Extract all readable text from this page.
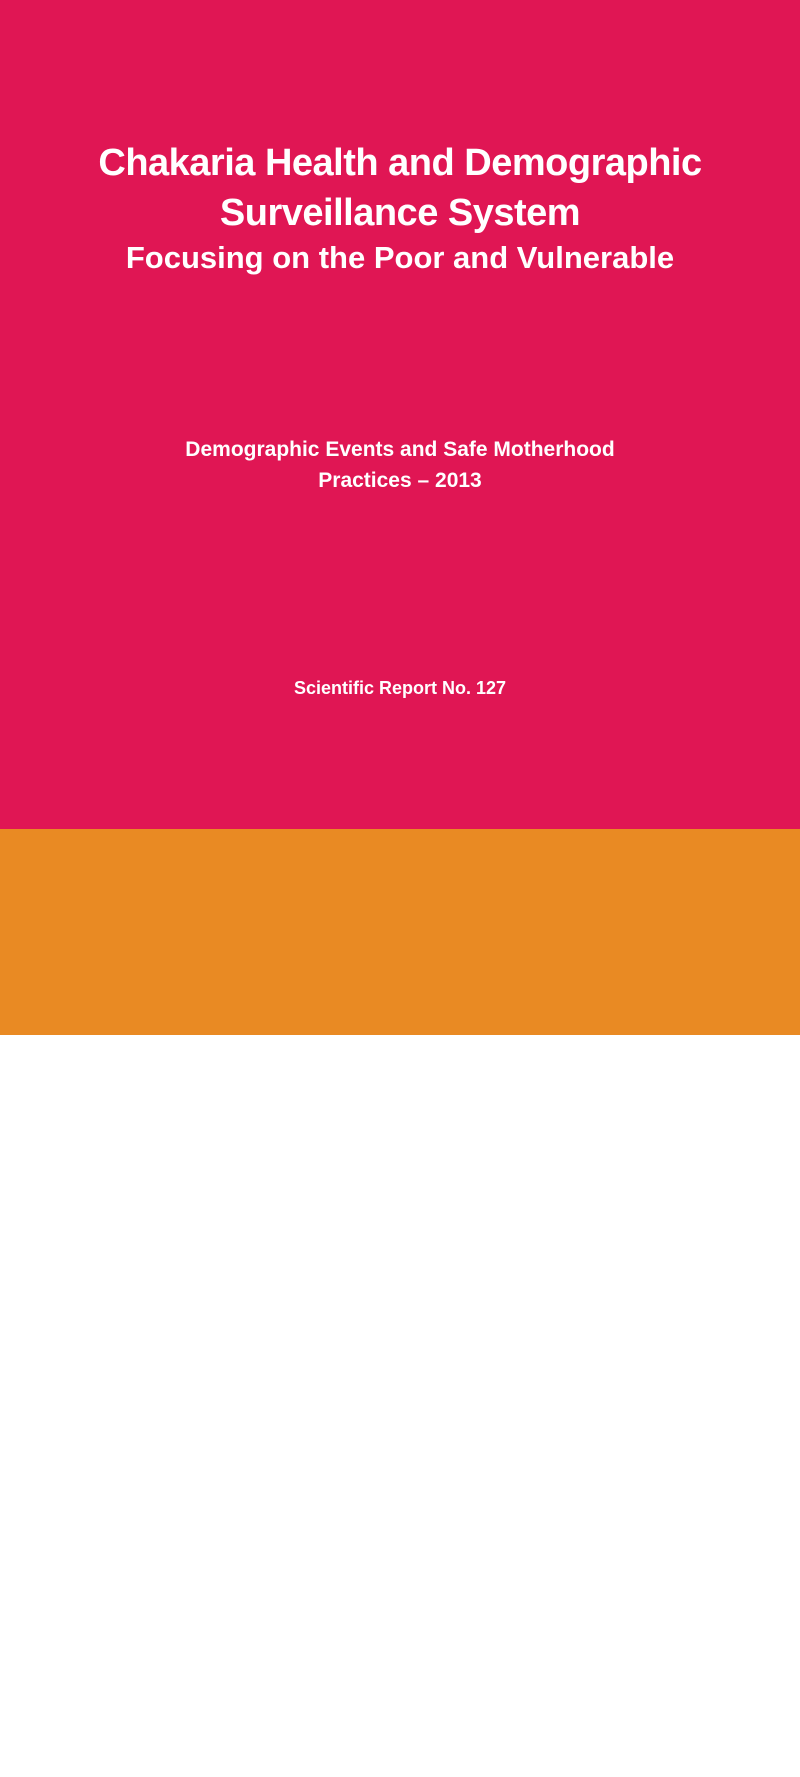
Chakaria Health and Demographic
Surveillance System
Focusing on the Poor and Vulnerable
Demographic Events and Safe Motherhood
Practices – 2013
Scientific Report No. 127
icddr,b
